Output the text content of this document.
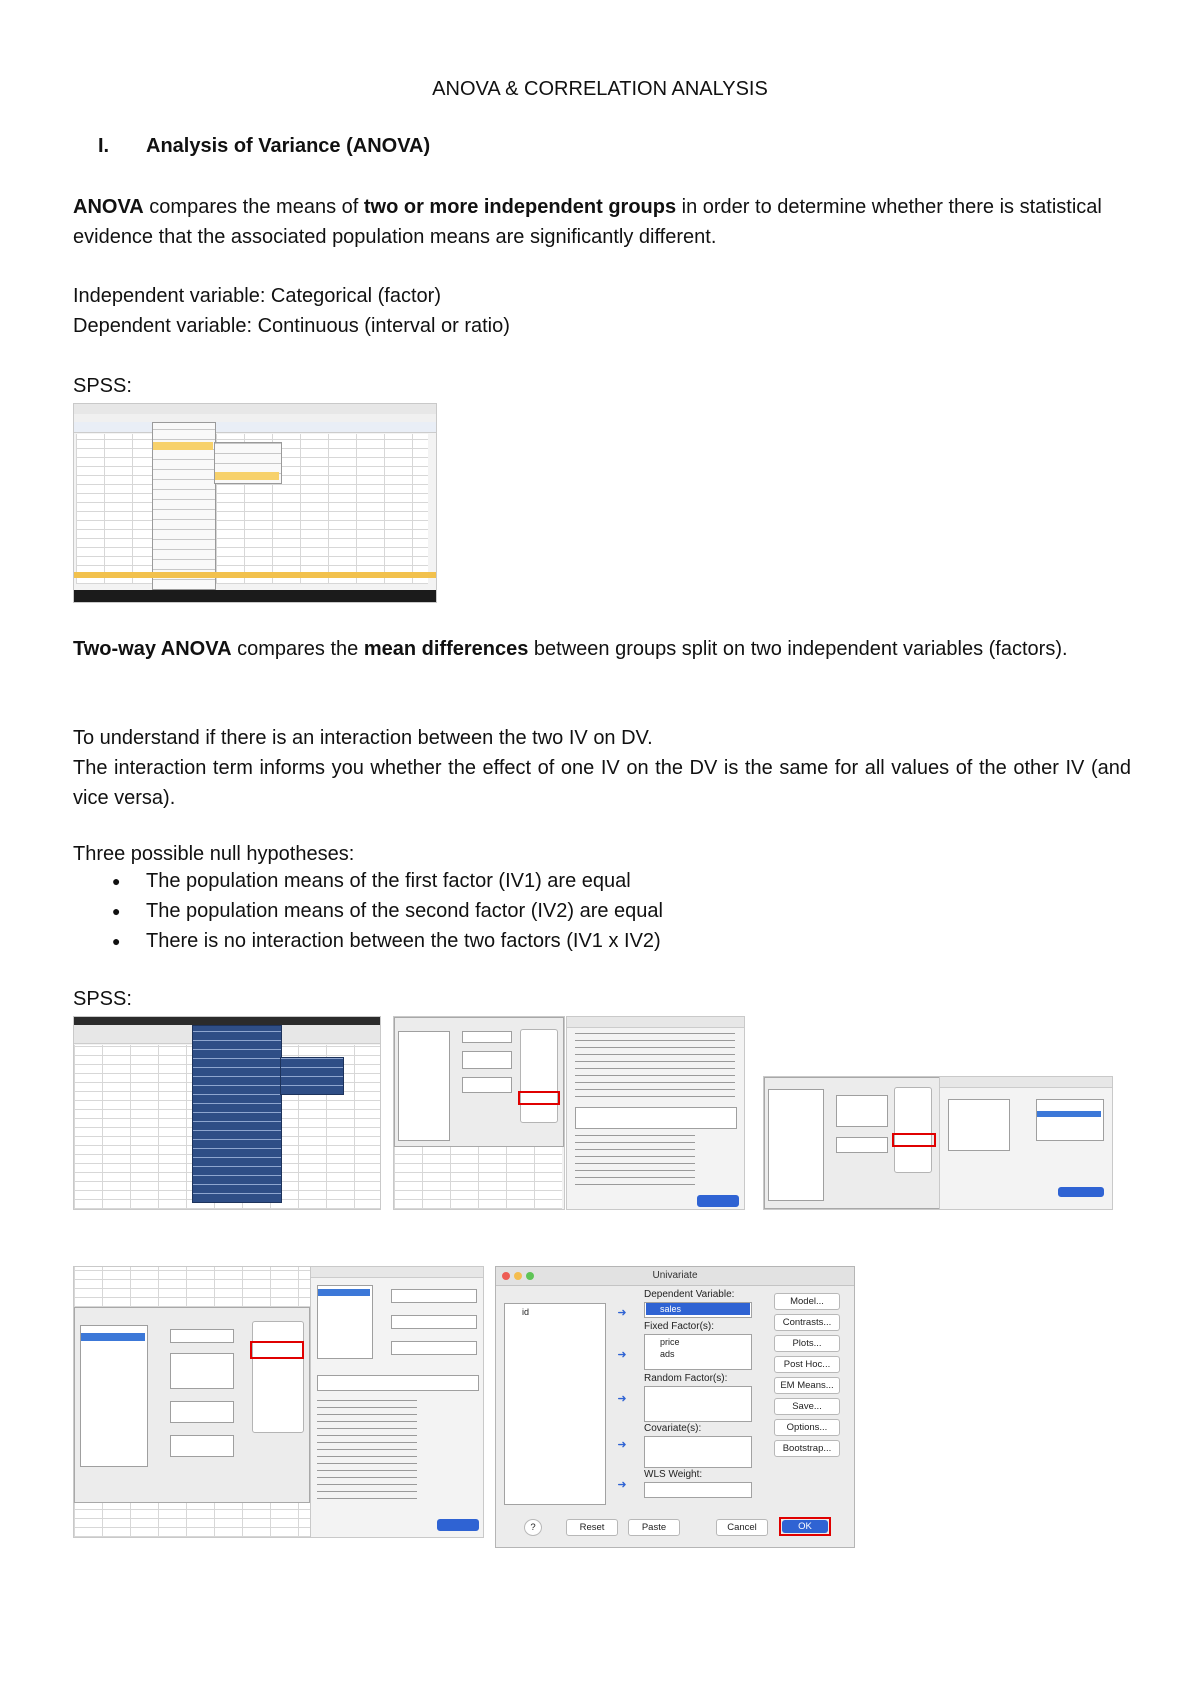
ANOVA & CORRELATION ANALYSIS
I. Analysis of Variance (ANOVA)
ANOVA compares the means of two or more independent groups in order to determine whether there is statistical evidence that the associated population means are significantly different.
Independent variable: Categorical (factor)
Dependent variable: Continuous (interval or ratio)
SPSS:
Two-way ANOVA compares the mean differences between groups split on two independent variables (factors).
To understand if there is an interaction between the two IV on DV.
The interaction term informs you whether the effect of one IV on the DV is the same for all values of the other IV (and vice versa).
Three possible null hypotheses:
● The population means of the first factor (IV1) are equal
● The population means of the second factor (IV2) are equal
● There is no interaction between the two factors (IV1 x IV2)
SPSS:
Univariate
id	➜
Dependent Variable:
sales
➜
Fixed Factor(s):
price
ads
➜
Random Factor(s):
➜
Covariate(s):
➜
WLS Weight:
Model...
Contrasts...
Plots...
Post Hoc...
EM Means...
Save...
Options...
Bootstrap...
?	Reset	Paste	Cancel	OK
